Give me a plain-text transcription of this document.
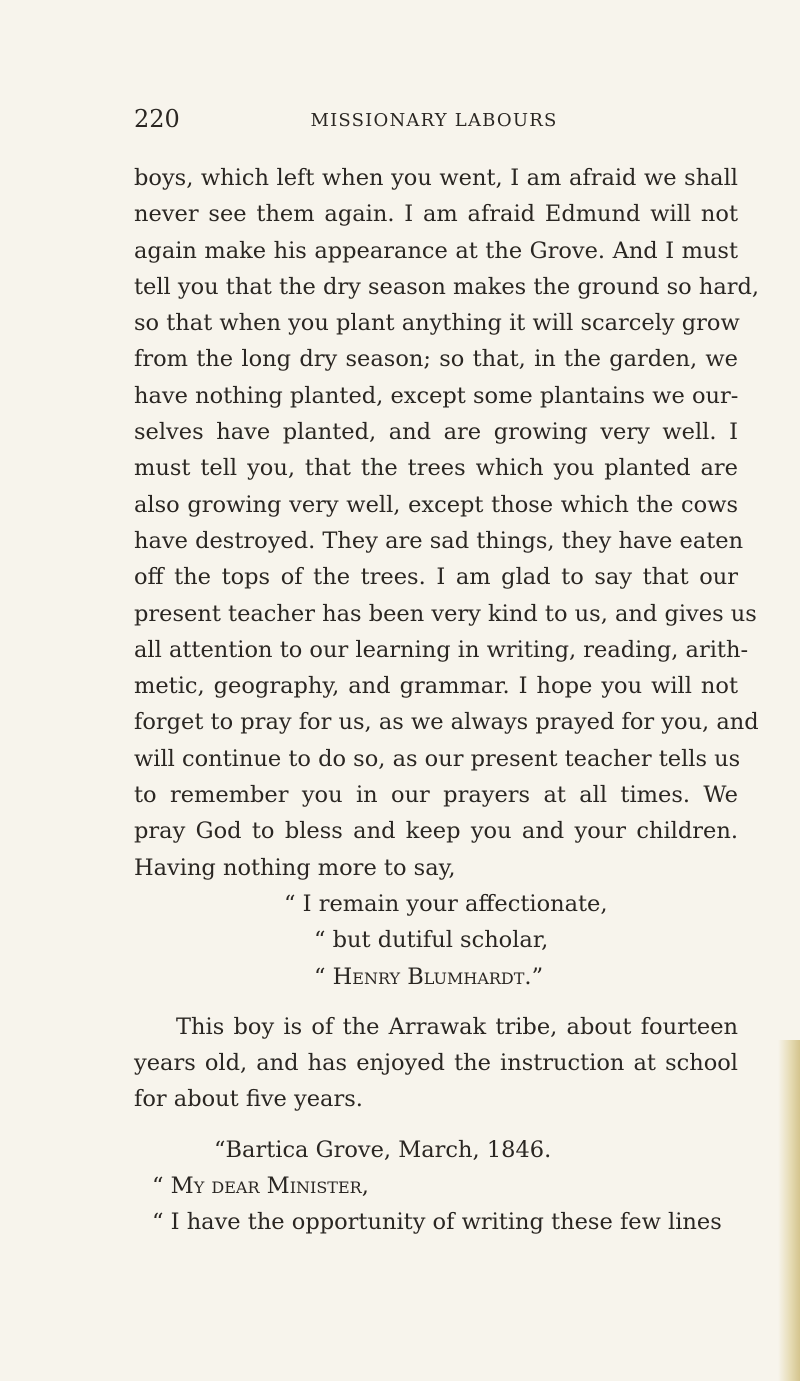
220	MISSIONARY LABOURS
boys, which left when you went, I am afraid we shall
never see them again. I am afraid Edmund will not
again make his appearance at the Grove. And I must
tell you that the dry season makes the ground so hard,
so that when you plant anything it will scarcely grow
from the long dry season; so that, in the garden, we
have nothing planted, except some plantains we our-
selves have planted, and are growing very well. I
must tell you, that the trees which you planted are
also growing very well, except those which the cows
have destroyed. They are sad things, they have eaten
off the tops of the trees. I am glad to say that our
present teacher has been very kind to us, and gives us
all attention to our learning in writing, reading, arith-
metic, geography, and grammar. I hope you will not
forget to pray for us, as we always prayed for you, and
will continue to do so, as our present teacher tells us
to remember you in our prayers at all times. We
pray God to bless and keep you and your children.
Having nothing more to say,
“ I remain your affectionate,
“ but dutiful scholar,
“ Henry Blumhardt.”
This boy is of the Arrawak tribe, about fourteen
years old, and has enjoyed the instruction at school
for about five years.
“Bartica Grove, March, 1846.
“ My dear Minister,
“ I have the opportunity of writing these few lines
